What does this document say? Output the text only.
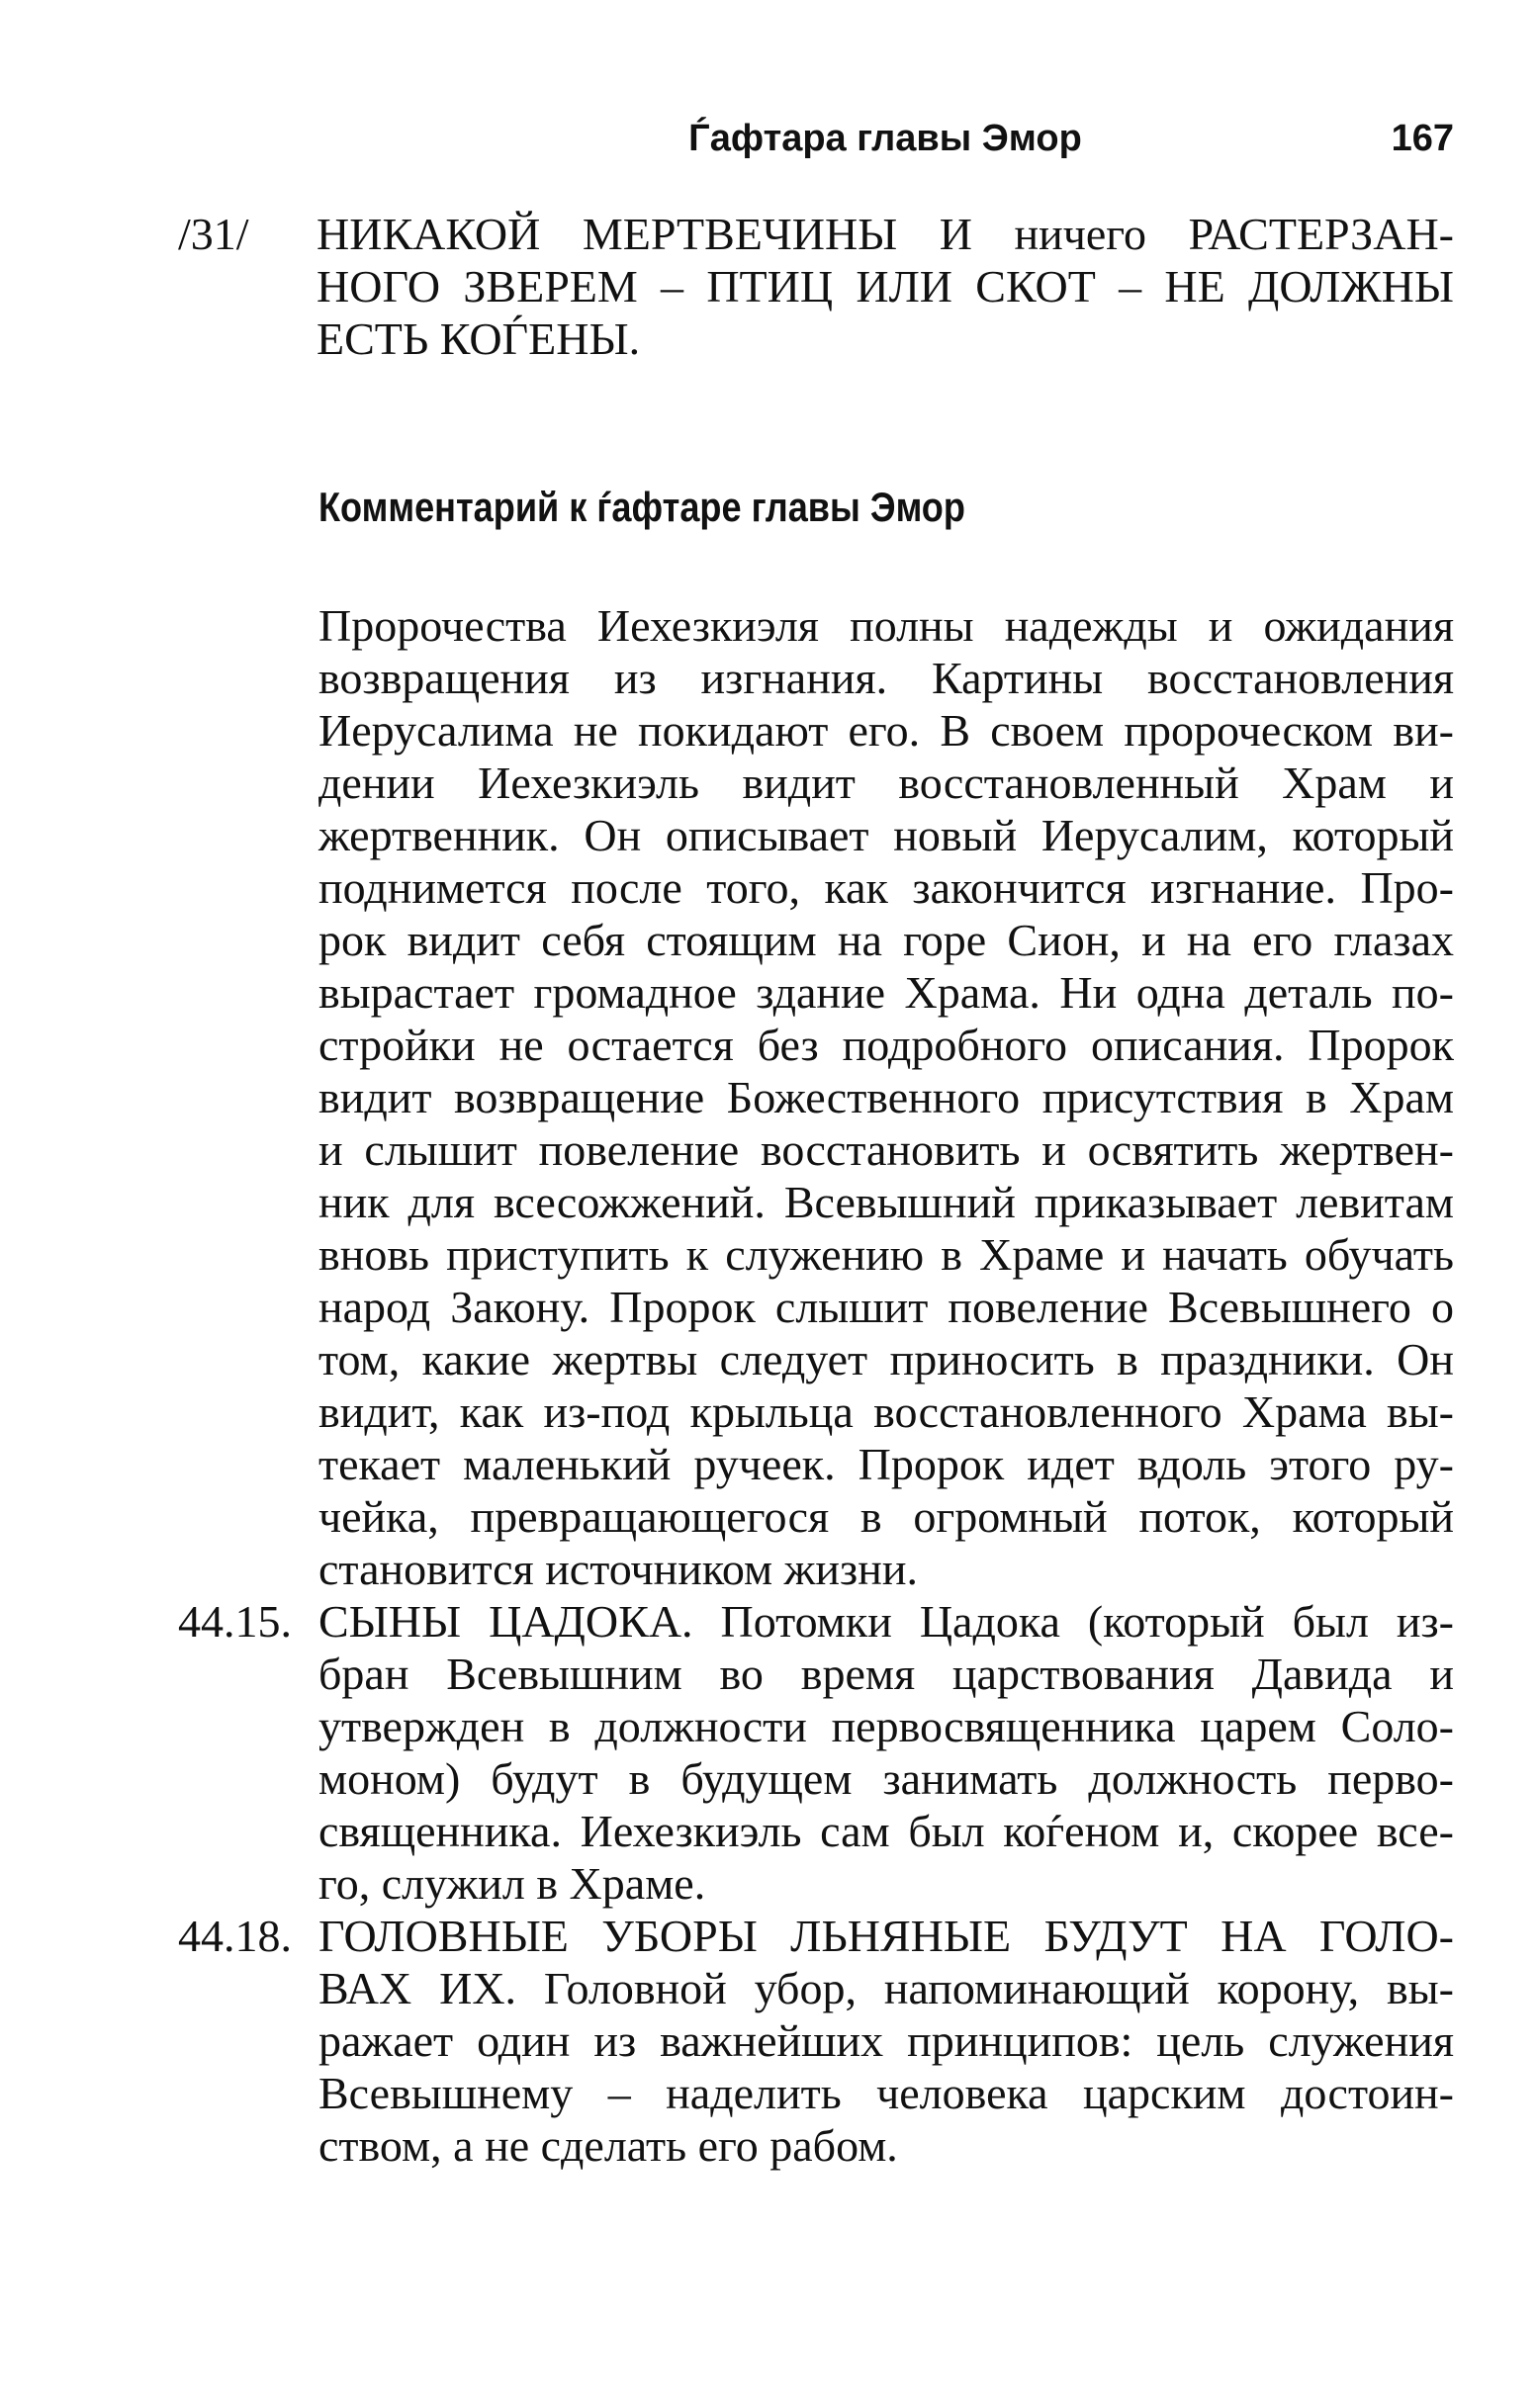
Ѓафтара главы Эмор	167
/31/	НИКАКОЙ МЕРТВЕЧИНЫ И ничего РАСТЕРЗАН-
НОГО ЗВЕРЕМ – ПТИЦ ИЛИ СКОТ – НЕ ДОЛЖНЫ
ЕСТЬ КОЃЕНЫ.
Комментарий к ѓафтаре главы Эмор
Пророчества Иехезкиэля полны надежды и ожидания
возвращения из изгнания. Картины восстановления
Иерусалима не покидают его. В своем пророческом ви-
дении Иехезкиэль видит восстановленный Храм и
жертвенник. Он описывает новый Иерусалим, который
поднимется после того, как закончится изгнание. Про-
рок видит себя стоящим на горе Сион, и на его глазах
вырастает громадное здание Храма. Ни одна деталь по-
стройки не остается без подробного описания. Пророк
видит возвращение Божественного присутствия в Храм
и слышит повеление восстановить и освятить жертвен-
ник для всесожжений. Всевышний приказывает левитам
вновь приступить к служению в Храме и начать обучать
народ Закону. Пророк слышит повеление Всевышнего о
том, какие жертвы следует приносить в праздники. Он
видит, как из-под крыльца восстановленного Храма вы-
текает маленький ручеек. Пророк идет вдоль этого ру-
чейка, превращающегося в огромный поток, который
становится источником жизни.
44.15. СЫНЫ ЦАДОКА. Потомки Цадока (который был из-
бран Всевышним во время царствования Давида и
утвержден в должности первосвященника царем Соло-
моном) будут в будущем занимать должность перво-
священника. Иехезкиэль сам был коѓеном и, скорее все-
го, служил в Храме.
44.18. ГОЛОВНЫЕ УБОРЫ ЛЬНЯНЫЕ БУДУТ НА ГОЛО-
ВАХ ИХ. Головной убор, напоминающий корону, вы-
ражает один из важнейших принципов: цель служения
Всевышнему – наделить человека царским достоин-
ством, а не сделать его рабом.
